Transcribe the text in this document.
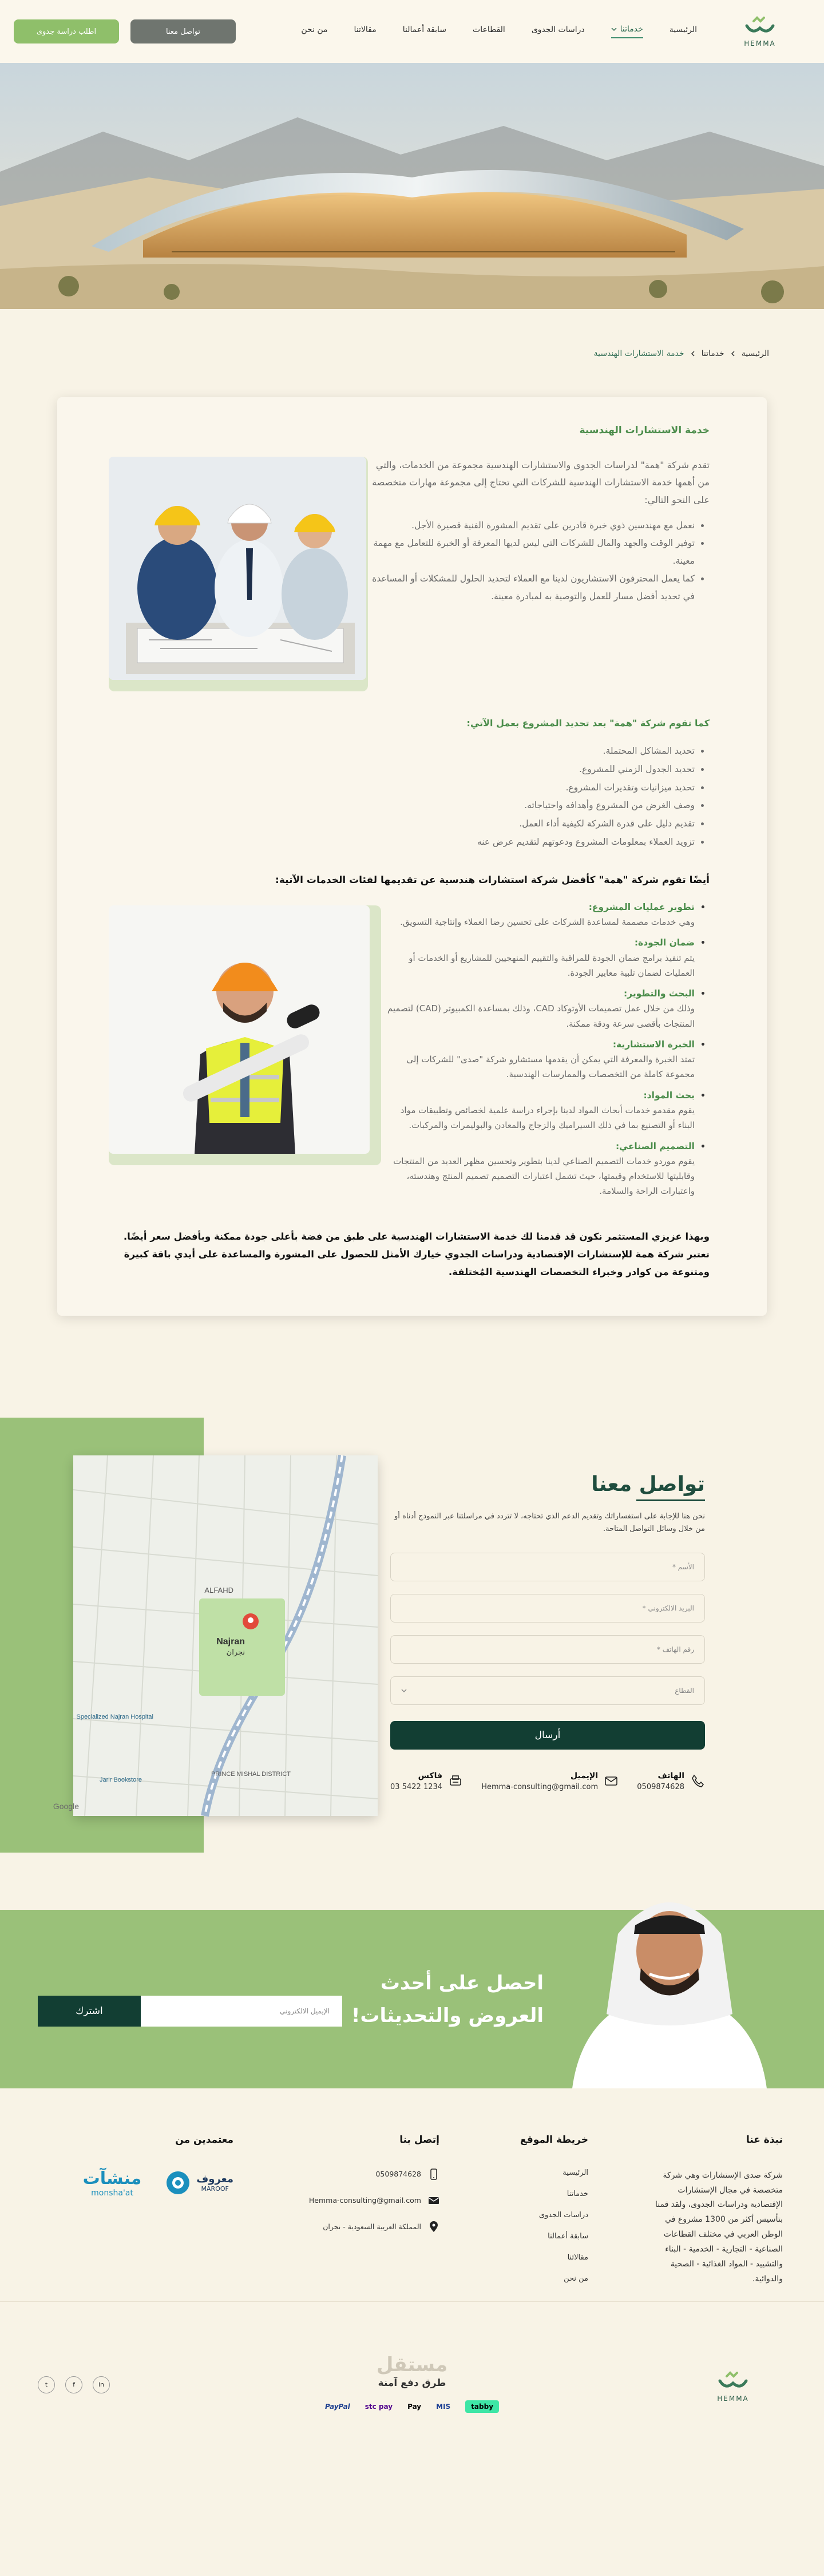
HEMMA
الرئيسية
خدماتنا
دراسات الجدوى
القطاعات
سابقة أعمالنا
مقالاتنا
من نحن
تواصل معنا
اطلب دراسة جدوى
الرئيسية
خدماتنا
خدمة الاستشارات الهندسية
خدمة الاستشارات الهندسية

تقدم شركة "همة" لدراسات الجدوى والاستشارات الهندسية مجموعة من الخدمات، والتي من أهمها خدمة الاستشارات الهندسية للشركات التي تحتاج إلى مجموعة مهارات متخصصة على النحو التالي:

• نعمل مع مهندسين ذوي خبرة قادرين على تقديم المشورة الفنية قصيرة الأجل.
• توفير الوقت والجهد والمال للشركات التي ليس لديها المعرفة أو الخبرة للتعامل مع مهمة معينة.
• كما يعمل المحترفون الاستشاريون لدينا مع العملاء لتحديد الحلول للمشكلات أو المساعدة في تحديد أفضل مسار للعمل والتوصية به لمبادرة معينة.
كما تقوم شركة "همة" بعد تحديد المشروع بعمل الآتي:
• تحديد المشاكل المحتملة.
• تحديد الجدول الزمني للمشروع.
• تحديد ميزانيات وتقديرات المشروع.
• وصف الغرض من المشروع وأهدافه واحتياجاته.
• تقديم دليل على قدرة الشركة لكيفية أداء العمل.
• تزويد العملاء بمعلومات المشروع ودعوتهم لتقديم عرض عنه
أيضًا تقوم شركة "همة" كأفضل شركة استشارات هندسية عن تقديمها لفئات الخدمات الآتية:
• تطوير عمليات المشروع:
وهي خدمات مصممة لمساعدة الشركات على تحسين رضا العملاء وإنتاجية التسويق.
• ضمان الجودة:
يتم تنفيذ برامج ضمان الجودة للمراقبة والتقييم المنهجيين للمشاريع أو الخدمات أو العمليات لضمان تلبية معايير الجودة.
• البحث والتطوير:
وذلك من خلال عمل تصميمات الأوتوكاد CAD، وذلك بمساعدة الكمبيوتر (CAD) لتصميم المنتجات بأقصى سرعة ودقة ممكنة.
• الخبرة الاستشارية:
تمتد الخبرة والمعرفة التي يمكن أن يقدمها مستشارو شركة "صدى" للشركات إلى مجموعة كاملة من التخصصات والممارسات الهندسية.
• بحث المواد:
يقوم مقدمو خدمات أبحاث المواد لدينا بإجراء دراسة علمية لخصائص وتطبيقات مواد البناء أو التصنيع بما في ذلك السيراميك والزجاج والمعادن والبوليمرات والمركبات.
• التصميم الصناعي:
يقوم موردو خدمات التصميم الصناعي لدينا بتطوير وتحسين مظهر العديد من المنتجات وقابليتها للاستخدام وقيمتها، حيث تشمل اعتبارات التصميم تصميم المنتج وهندسته، واعتبارات الراحة والسلامة.

وبهذا عزيزي المستثمر نكون قد قدمنا لك خدمة الاستشارات الهندسية على طبق من فضة بأعلى جودة ممكنة وبأفضل سعر أيضًا. تعتبر شركة همة للإستشارات الإقتصادية ودراسات الجدوي خيارك الأمثل للحصول على المشورة والمساعدة على أيدي باقة كبيرة ومتنوعة من كوادر وخبراء التخصصات الهندسية المُختلفة.

ALFAHD
Najran
نجران
Specialized Najran Hospital
PRINCE MISHAL DISTRICT
Jarir Bookstore
Google
تواصل معنا

نحن هنا للإجابة على استفساراتك وتقديم الدعم الذي تحتاجه، لا تتردد في مراسلتنا عبر النموذج أدناه أو من خلال وسائل التواصل المتاحة.

الأسم *
البريد الالكتروني *
رقم الهاتف *
القطاع
أرسال
الهاتف
0509874628
الإيميل
Hemma-consulting@gmail.com
فاكس
1234 5422 03
احصل على أحدث
العروض والتحديثات!
الإيميل الالكتروني
اشترك
نبذة عنا

شركة صدى الإستشارات وهي شركة متخصصة في مجال الإستشارات الإقتصادية ودراسات الجدوى، ولقد قمنا بتأسيس أكثر من 1300 مشروع في الوطن العربي في مختلف القطاعات الصناعية - التجارية - الخدمية - البناء والتشييد - المواد الغذائية - الصحية والدوائية.

خريطة الموقع
الرئيسية
خدماتنا
دراسات الجدوى
سابقة أعمالنا
مقالاتنا
من نحن
إتصل بنا
0509874628
Hemma-consulting@gmail.com
المملكة العربية السعودية - نجران
معتمدين من
معروف
MAROOF
منشآت
monsha'at
HEMMA
مستقل
طرق دفع آمنة
tabby
MIS
Pay
stc pay
PayPal
in
f
t
